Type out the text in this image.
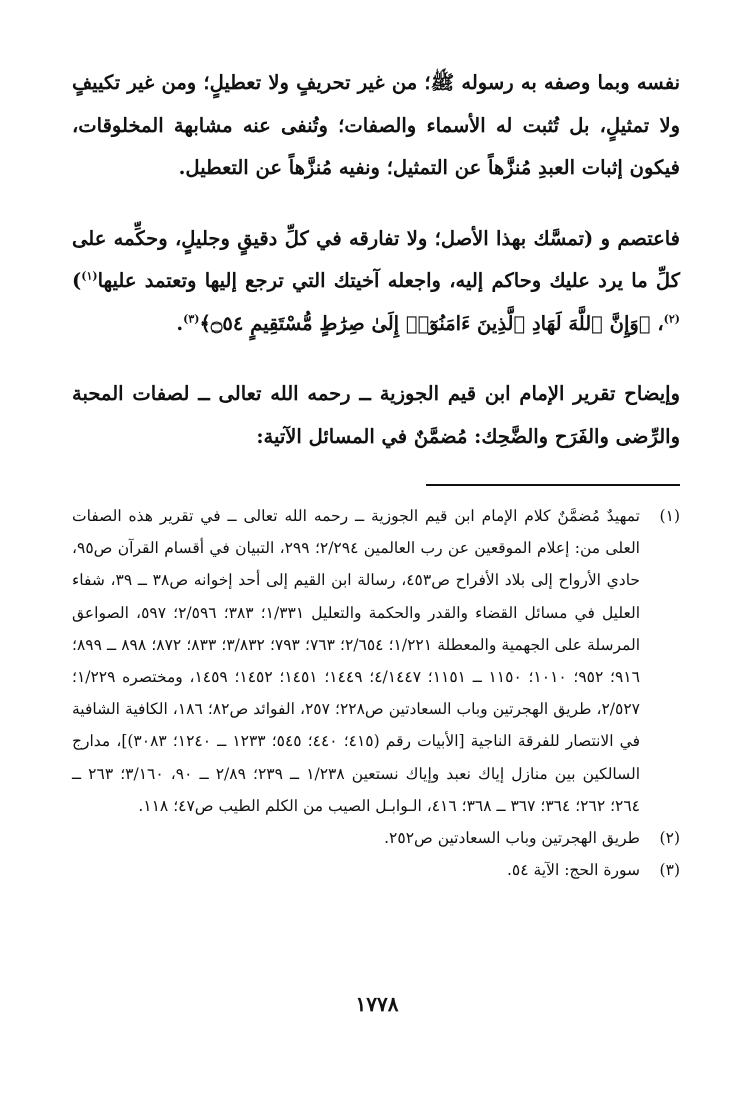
نفسه وبما وصفه به رسوله ﷺ؛ من غير تحريفٍ ولا تعطيلٍ؛ ومن غير تكييفٍ ولا تمثيلٍ، بل تُثبت له الأسماء والصفات؛ وتُنفى عنه مشابهة المخلوقات، فيكون إثبات العبدِ مُنزَّهاً عن التمثيل؛ ونفيه مُنزَّهاً عن التعطيل.

فاعتصم و (تمسَّك بهذا الأصل؛ ولا تفارقه في كلِّ دقيقٍ وجليلٍ، وحكِّمه على كلِّ ما يرد عليك وحاكم إليه، واجعله آخيتك التي ترجع إليها وتعتمد عليها$^{(١)}$)$^{(٢)}$، ﴿وَإِنَّ ٱللَّهَ لَهَادِ ٱلَّذِينَ ءَامَنُوٓا۟ إِلَىٰ صِرَٰطٍ مُّسْتَقِيمٍ ۝٥٤﴾$^{(٣)}$.

وإيضاح تقرير الإمام ابن قيم الجوزية ــ رحمه الله تعالى ــ لصفات المحبة والرِّضى والفَرَح والضَّحِك: مُضمَّنٌ في المسائل الآتية:

(١)
تمهيدٌ مُضمَّنٌ كلام الإمام ابن قيم الجوزية ــ رحمه الله تعالى ــ في تقرير هذه الصفات العلى من: إعلام الموقعين عن رب العالمين ٢/٢٩٤؛ ٢٩٩، التبيان في أقسام القرآن ص٩٥، حادي الأرواح إلى بلاد الأفراح ص٤٥٣، رسالة ابن القيم إلى أحد إخوانه ص٣٨ ــ ٣٩، شفاء العليل في مسائل القضاء والقدر والحكمة والتعليل ١/٣٣١؛ ٣٨٣؛ ٢/٥٩٦؛ ٥٩٧، الصواعق المرسلة على الجهمية والمعطلة ١/٢٢١؛ ٢/٦٥٤؛ ٧٦٣؛ ٧٩٣؛ ٣/٨٣٢؛ ٨٣٣؛ ٨٧٢؛ ٨٩٨ ــ ٨٩٩؛ ٩١٦؛ ٩٥٢؛ ١٠١٠؛ ١١٥٠ ــ ١١٥١؛ ٤/١٤٤٧؛ ١٤٤٩؛ ١٤٥١؛ ١٤٥٢؛ ١٤٥٩، ومختصره ١/٢٢٩؛ ٢/٥٢٧، طريق الهجرتين وباب السعادتين ص٢٢٨؛ ٢٥٧، الفوائد ص٨٢؛ ١٨٦، الكافية الشافية في الانتصار للفرقة الناجية [الأبيات رقم (٤١٥؛ ٤٤٠؛ ٥٤٥؛ ١٢٣٣ ــ ١٢٤٠؛ ٣٠٨٣)]، مدارج السالكين بين منازل إياك نعبد وإياك نستعين ١/٢٣٨ ــ ٢٣٩؛ ٢/٨٩ ــ ٩٠، ٣/١٦٠؛ ٢٦٣ ــ ٢٦٤؛ ٢٦٢؛ ٣٦٤؛ ٣٦٧ ــ ٣٦٨؛ ٤١٦، الـوابـل الصيب من الكلم الطيب ص٤٧؛ ١١٨.
(٢)
طريق الهجرتين وباب السعادتين ص٢٥٢.
(٣)
سورة الحج: الآية ٥٤.
١٧٧٨
